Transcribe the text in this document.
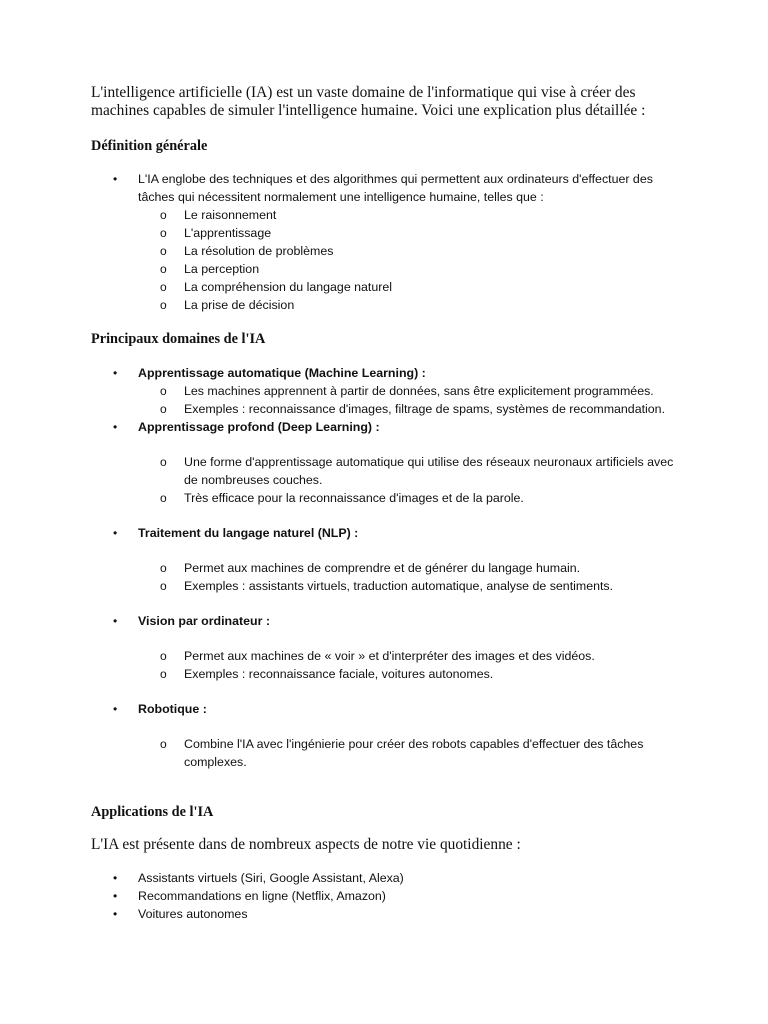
L'intelligence artificielle (IA) est un vaste domaine de l'informatique qui vise à créer des machines capables de simuler l'intelligence humaine. Voici une explication plus détaillée :

Définition générale
• L'IA englobe des techniques et des algorithmes qui permettent aux ordinateurs d'effectuer des tâches qui nécessitent normalement une intelligence humaine, telles que :
o Le raisonnement
o L'apprentissage
o La résolution de problèmes
o La perception
o La compréhension du langage naturel
o La prise de décision
Principaux domaines de l'IA
• Apprentissage automatique (Machine Learning) :
o Les machines apprennent à partir de données, sans être explicitement programmées.
o Exemples : reconnaissance d'images, filtrage de spams, systèmes de recommandation.
• Apprentissage profond (Deep Learning) :
o Une forme d'apprentissage automatique qui utilise des réseaux neuronaux artificiels avec de nombreuses couches.
o Très efficace pour la reconnaissance d'images et de la parole.
• Traitement du langage naturel (NLP) :
o Permet aux machines de comprendre et de générer du langage humain.
o Exemples : assistants virtuels, traduction automatique, analyse de sentiments.
• Vision par ordinateur :
o Permet aux machines de « voir » et d'interpréter des images et des vidéos.
o Exemples : reconnaissance faciale, voitures autonomes.
• Robotique :
o Combine l'IA avec l'ingénierie pour créer des robots capables d'effectuer des tâches complexes.
Applications de l'IA
L'IA est présente dans de nombreux aspects de notre vie quotidienne :
• Assistants virtuels (Siri, Google Assistant, Alexa)
• Recommandations en ligne (Netflix, Amazon)
• Voitures autonomes
